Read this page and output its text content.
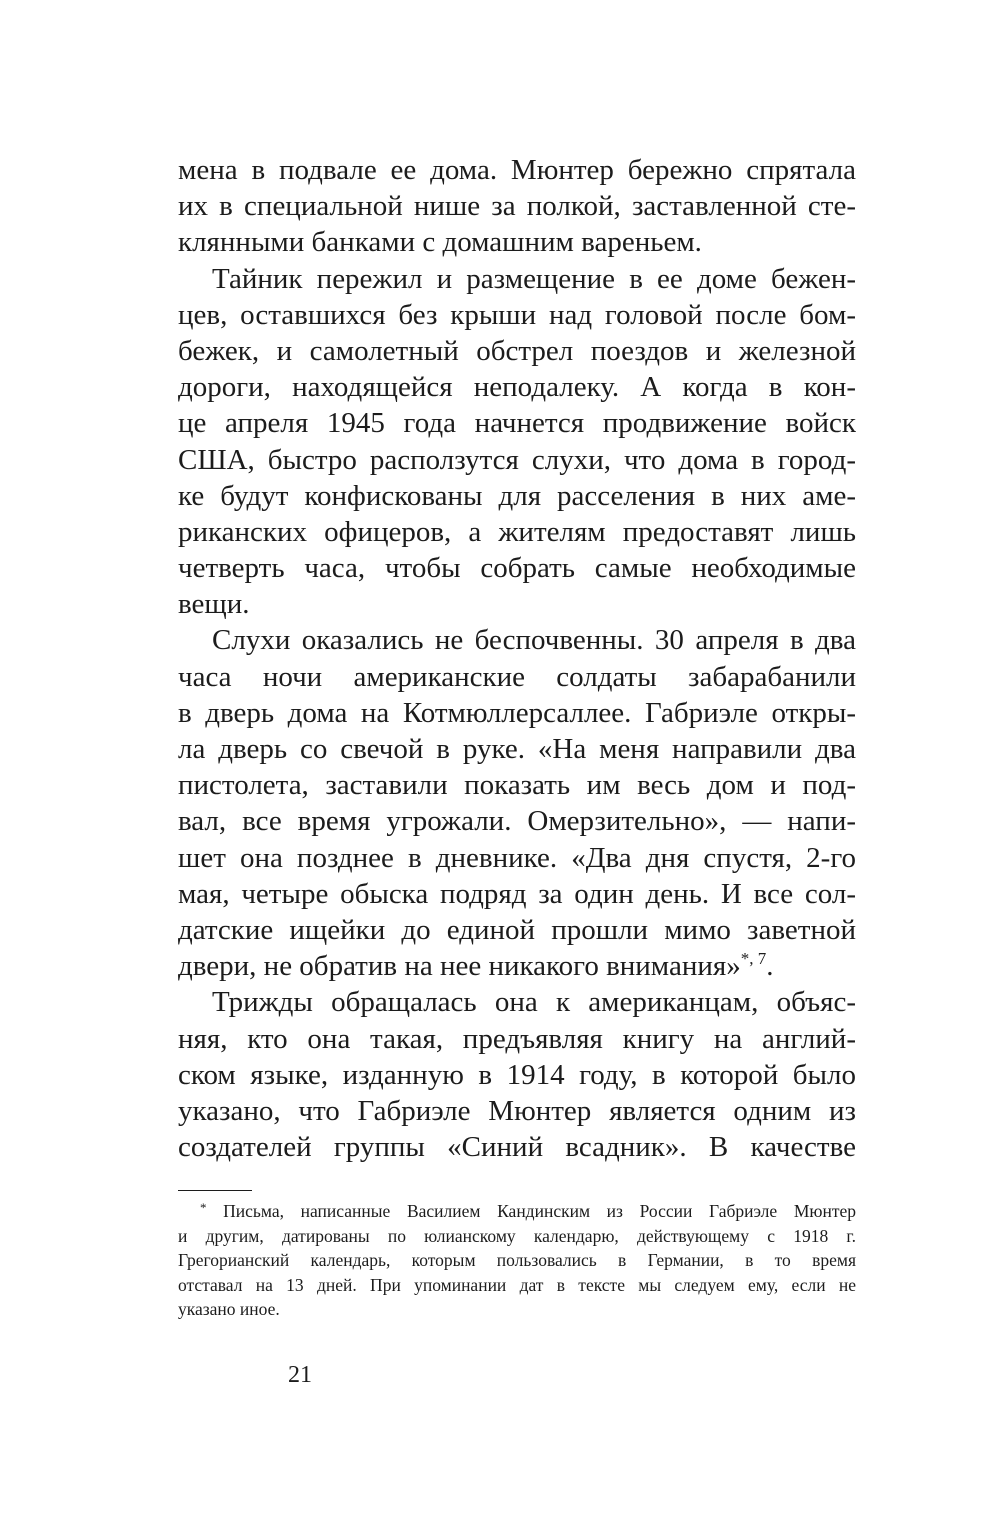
мена в подвале ее дома. Мюнтер бережно спрятала
их в специальной нише за полкой, заставленной сте-
клянными банками с домашним вареньем.
Тайник пережил и размещение в ее доме бежен-
цев, оставшихся без крыши над головой после бом-
бежек, и самолетный обстрел поездов и железной
дороги, находящейся неподалеку. А когда в кон-
це апреля 1945 года начнется продвижение войск
США, быстро расползутся слухи, что дома в город-
ке будут конфискованы для расселения в них аме-
риканских офицеров, а жителям предоставят лишь
четверть часа, чтобы собрать самые необходимые
вещи.
Слухи оказались не беспочвенны. 30 апреля в два
часа ночи американские солдаты забарабанили
в дверь дома на Котмюллерсаллее. Габриэле откры-
ла дверь со свечой в руке. «На меня направили два
пистолета, заставили показать им весь дом и под-
вал, все время угрожали. Омерзительно», — напи-
шет она позднее в дневнике. «Два дня спустя, 2-го
мая, четыре обыска подряд за один день. И все сол-
датские ищейки до единой прошли мимо заветной
двери, не обратив на нее никакого внимания»$^{*, 7}$.
Трижды обращалась она к американцам, объяс-
няя, кто она такая, предъявляя книгу на англий-
ском языке, изданную в 1914 году, в которой было
указано, что Габриэле Мюнтер является одним из
создателей группы «Синий всадник». В качестве
* Письма, написанные Василием Кандинским из России Габриэле Мюнтер
и другим, датированы по юлианскому календарю, действующему с 1918 г.
Грегорианский календарь, которым пользовались в Германии, в то время
отставал на 13 дней. При упоминании дат в тексте мы следуем ему, если не
указано иное.
21
